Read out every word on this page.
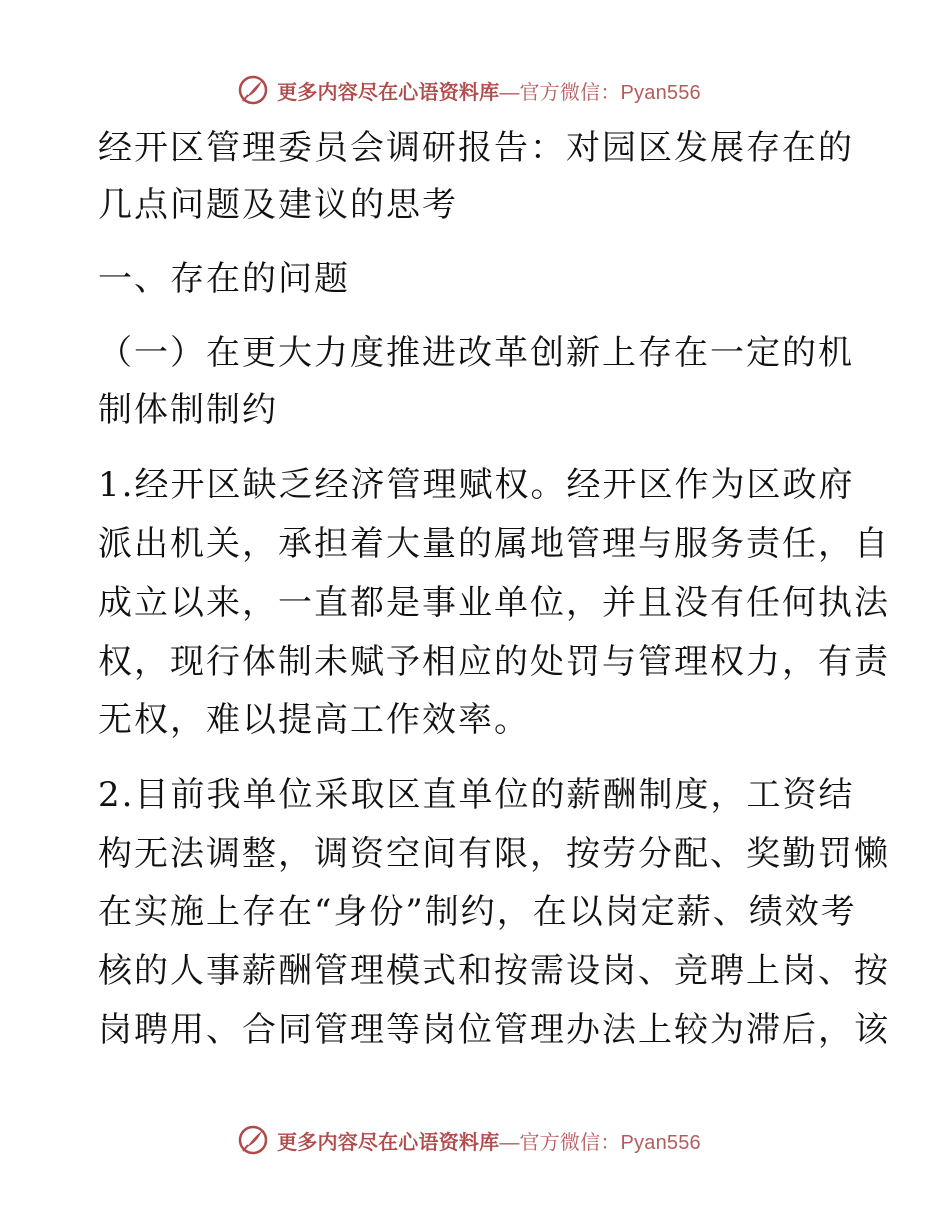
更多内容尽在心语资料库—官方微信：Pyan556
经开区管理委员会调研报告：对园区发展存在的
几点问题及建议的思考
一、存在的问题
（一）在更大力度推进改革创新上存在一定的机
制体制制约
1.经开区缺乏经济管理赋权。经开区作为区政府
派出机关，承担着大量的属地管理与服务责任，自
成立以来，一直都是事业单位，并且没有任何执法
权，现行体制未赋予相应的处罚与管理权力，有责
无权，难以提高工作效率。
2.目前我单位采取区直单位的薪酬制度，工资结
构无法调整，调资空间有限，按劳分配、奖勤罚懒
在实施上存在“身份”制约，在以岗定薪、绩效考
核的人事薪酬管理模式和按需设岗、竞聘上岗、按
岗聘用、合同管理等岗位管理办法上较为滞后，该
更多内容尽在心语资料库—官方微信：Pyan556
